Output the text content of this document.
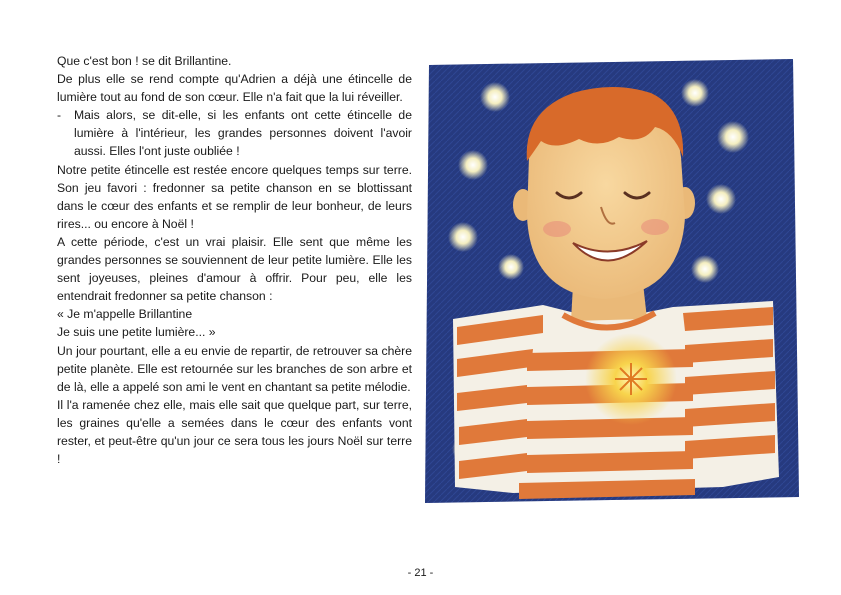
Que c'est bon ! se dit Brillantine.

De plus elle se rend compte qu'Adrien a déjà une étincelle de lumière tout au fond de son cœur. Elle n'a fait que la lui réveiller.

- Mais alors, se dit-elle, si les enfants ont cette étincelle de lumière à l'intérieur, les grandes personnes doivent l'avoir aussi. Elles l'ont juste oubliée !

Notre petite étincelle est restée encore quelques temps sur terre. Son jeu favori : fredonner sa petite chanson en se blottissant dans le cœur des enfants et se remplir de leur bonheur, de leurs rires... ou encore à Noël !

A cette période, c'est un vrai plaisir. Elle sent que même les grandes personnes se souviennent de leur petite lumière. Elle les sent joyeuses, pleines d'amour à offrir. Pour peu, elle les entendrait fredonner sa petite chanson :

« Je m'appelle Brillantine

Je suis une petite lumière... »

Un jour pourtant, elle a eu envie de repartir, de retrouver sa chère petite planète. Elle est retournée sur les branches de son arbre et de là, elle a appelé son ami le vent en chantant sa petite mélodie.

Il l'a ramenée chez elle, mais elle sait que quelque part, sur terre, les graines qu'elle a semées dans le cœur des enfants vont rester, et peut-être qu'un jour ce sera tous les jours Noël sur terre !

- 21 -
